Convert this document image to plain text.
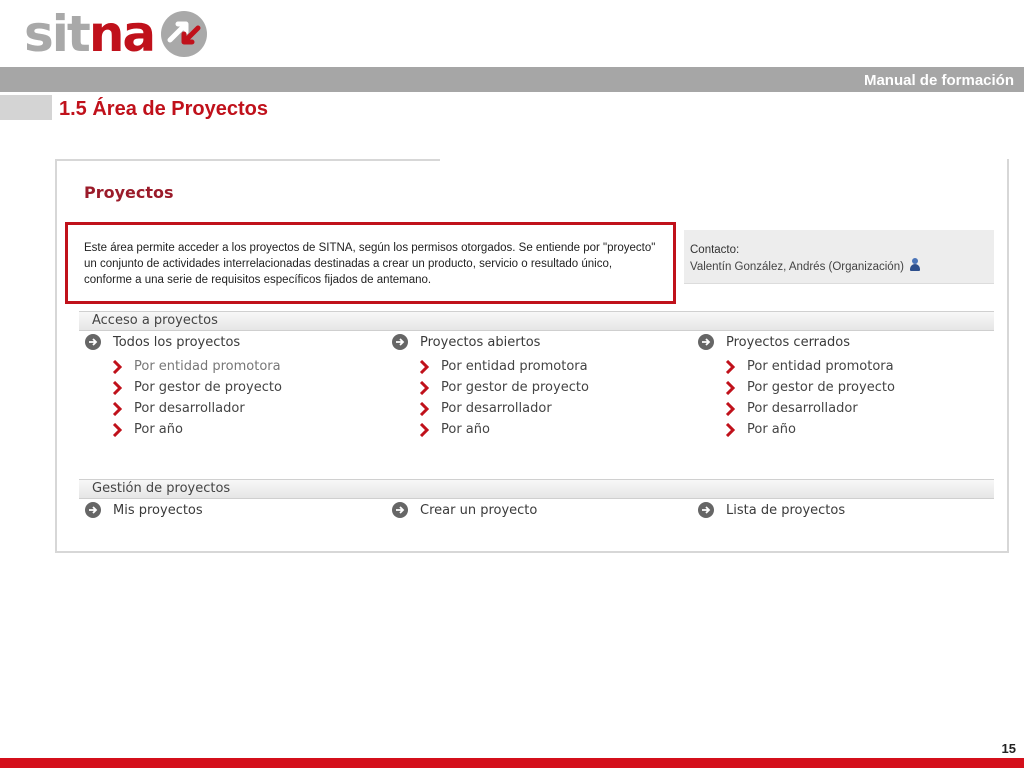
sit na
Manual de formación
1.5 Área de Proyectos
Proyectos
Este área permite acceder a los proyectos de SITNA, según los permisos otorgados. Se entiende por "proyecto"
un conjunto de actividades interrelacionadas destinadas a crear un producto, servicio o resultado único,
conforme a una serie de requisitos específicos fijados de antemano.
Contacto:
Valentín González, Andrés (Organización)
Acceso a proyectos
Todos los proyectos
Por entidad promotora
Por gestor de proyecto
Por desarrollador
Por año
Proyectos abiertos
Por entidad promotora
Por gestor de proyecto
Por desarrollador
Por año
Proyectos cerrados
Por entidad promotora
Por gestor de proyecto
Por desarrollador
Por año
Gestión de proyectos
Mis proyectos	Crear un proyecto	Lista de proyectos
15
